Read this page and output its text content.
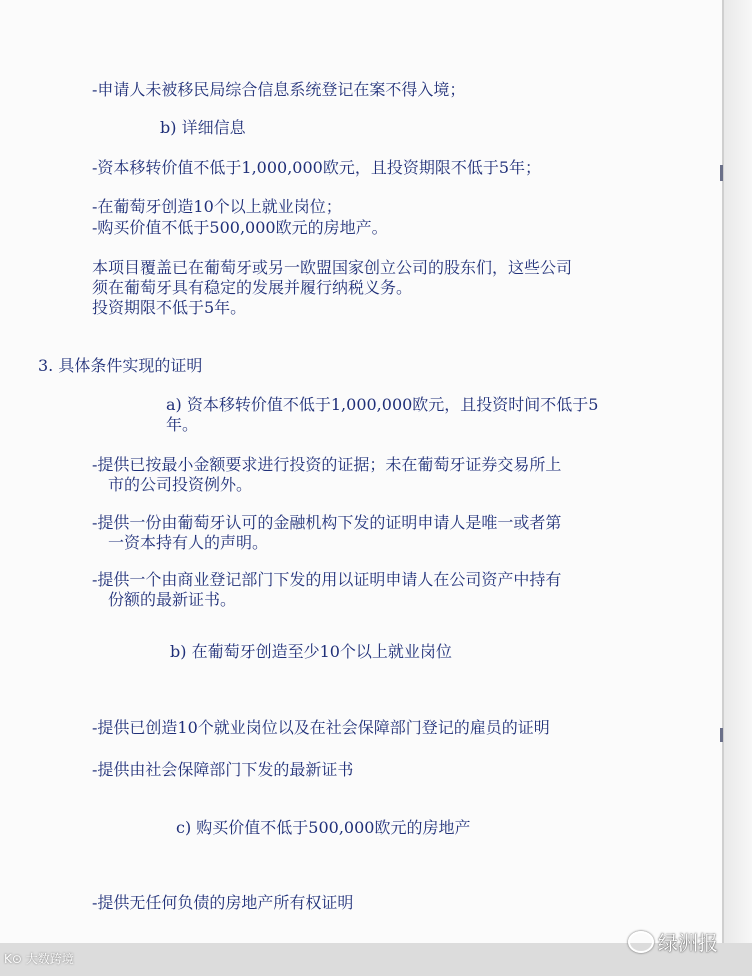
-申请人未被移民局综合信息系统登记在案不得入境；
b) 详细信息
-资本移转价值不低于1,000,000欧元，且投资期限不低于5年；
-在葡萄牙创造10个以上就业岗位；
-购买价值不低于500,000欧元的房地产。
本项目覆盖已在葡萄牙或另一欧盟国家创立公司的股东们，这些公司
须在葡萄牙具有稳定的发展并履行纳税义务。
投资期限不低于5年。
3. 具体条件实现的证明
a) 资本移转价值不低于1,000,000欧元，且投资时间不低于5
年。
-提供已按最小金额要求进行投资的证据；未在葡萄牙证券交易所上
市的公司投资例外。
-提供一份由葡萄牙认可的金融机构下发的证明申请人是唯一或者第
一资本持有人的声明。
-提供一个由商业登记部门下发的用以证明申请人在公司资产中持有
份额的最新证书。
b) 在葡萄牙创造至少10个以上就业岗位
-提供已创造10个就业岗位以及在社会保障部门登记的雇员的证明
-提供由社会保障部门下发的最新证书
c) 购买价值不低于500,000欧元的房地产
-提供无任何负债的房地产所有权证明
K⊙ 大数跨境
绿洲报
